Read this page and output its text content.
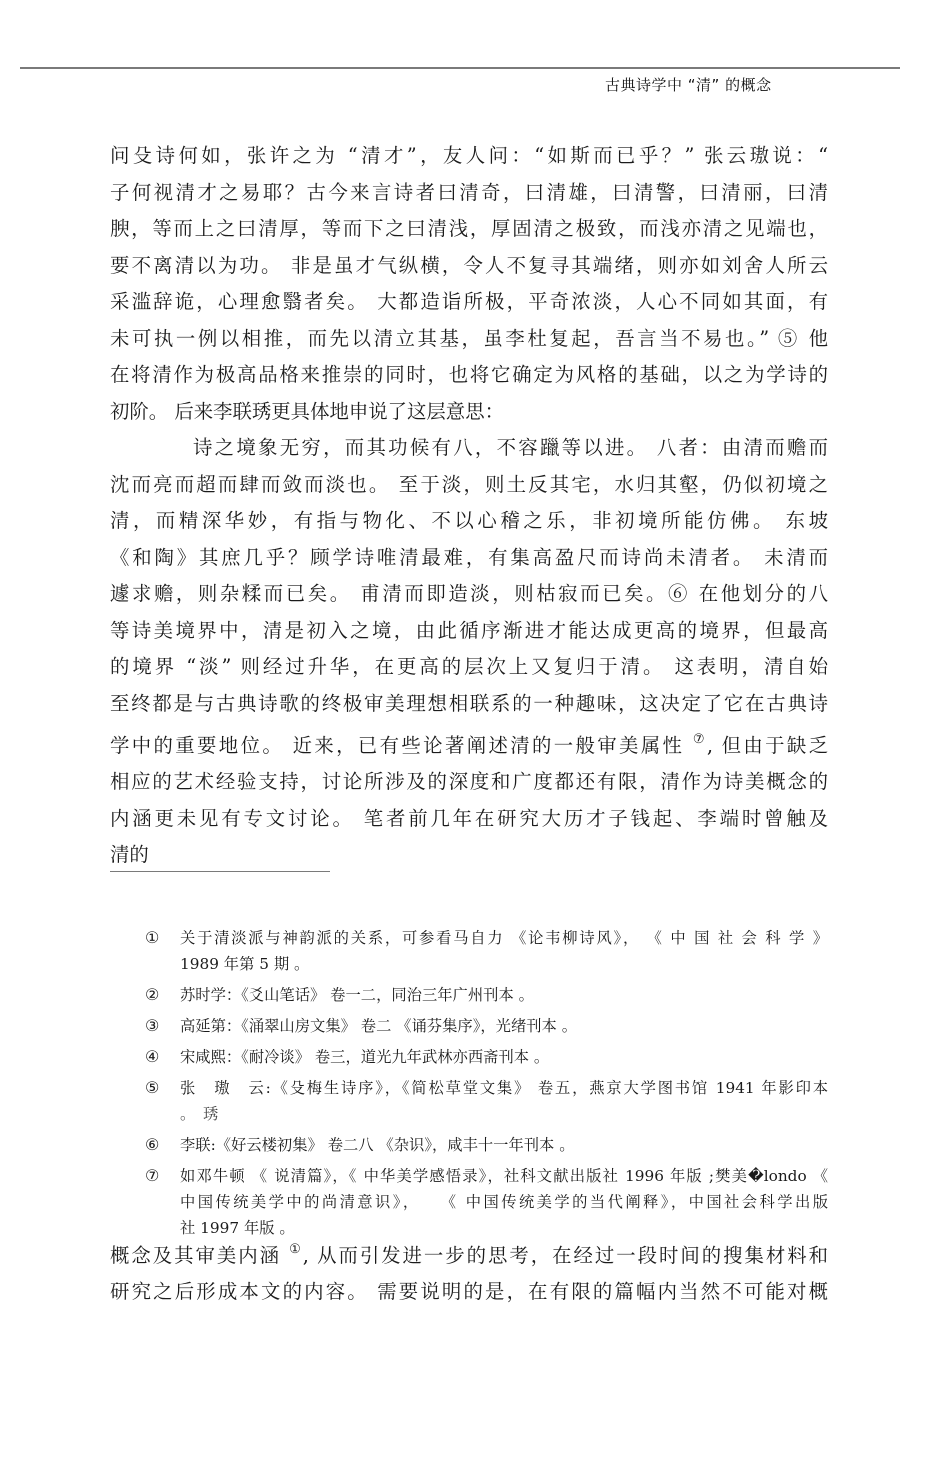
古典诗学中 “清” 的概念
问殳诗何如，张许之为 “清才”，友人问：“如斯而已乎？” 张云璈说：“
子何视清才之易耶？古今来言诗者曰清奇，曰清雄，曰清警，曰清丽，曰清
腴，等而上之曰清厚，等而下之曰清浅，厚固清之极致，而浅亦清之见端也，
要不离清以为功。 非是虽才气纵横，令人不复寻其端绪，则亦如刘舍人所云
采滥辞诡，心理愈翳者矣。 大都造诣所极，平奇浓淡，人心不同如其面，有
未可执一例以相推，而先以清立其基，虽李杜复起，吾言当不易也。” ⑤ 他
在将清作为极高品格来推崇的同时，也将它确定为风格的基础，以之为学诗的
初阶。 后来李联琇更具体地申说了这层意思：
诗之境象无穷，而其功候有八，不容躐等以进。 八者：由清而赡而
沈而亮而超而肆而敛而淡也。 至于淡，则土反其宅，水归其壑，仍似初境之
清，而精深华妙，有指与物化、不以心稽之乐，非初境所能仿佛。 东坡
《和陶》其庶几乎？顾学诗唯清最难，有集高盈尺而诗尚未清者。 未清而
遽求赡，则杂糅而已矣。 甫清而即造淡，则枯寂而已矣。⑥ 在他划分的八
等诗美境界中，清是初入之境，由此循序渐进才能达成更高的境界，但最高
的境界 “淡” 则经过升华，在更高的层次上又复归于清。 这表明，清自始
至终都是与古典诗歌的终极审美理想相联系的一种趣味，这决定了它在古典诗
学中的重要地位。 近来，已有些论著阐述清的一般审美属性 ⑦, 但由于缺乏
相应的艺术经验支持，讨论所涉及的深度和广度都还有限，清作为诗美概念的
内涵更未见有专文讨论。 笔者前几年在研究大历才子钱起、李端时曾触及
清的
① 关于清淡派与神韵派的关系，可参看马自力 《论韦柳诗风》， 《 中 国 社 会 科 学 》
1989 年第 5 期 。
② 苏时学：《爻山笔话》 卷一二，同治三年广州刊本 。
③ 高延第：《涌翠山房文集》 卷二 《诵芬集序》，光绪刊本 。
④ 宋咸熙：《耐冷谈》 卷三，道光九年武林亦西斋刊本 。
⑤ 张　璈　云:《殳梅生诗序》，《简松草堂文集》 卷五，燕京大学图书馆 1941 年影印本
。　琇
⑥ 李联:《好云楼初集》 卷二八 《杂识》，咸丰十一年刊本 。
⑦ 如邓牛顿 《 说清篇》，《 中华美学感悟录》，社科文献出版社 1996 年版 ;樊美�londo 《
中国传统美学中的尚清意识》，　　《 中国传统美学的当代阐释》，中国社会科学出版
社 1997 年版 。
概念及其审美内涵 ①, 从而引发进一步的思考，在经过一段时间的搜集材料和
研究之后形成本文的内容。 需要说明的是，在有限的篇幅内当然不可能对概
